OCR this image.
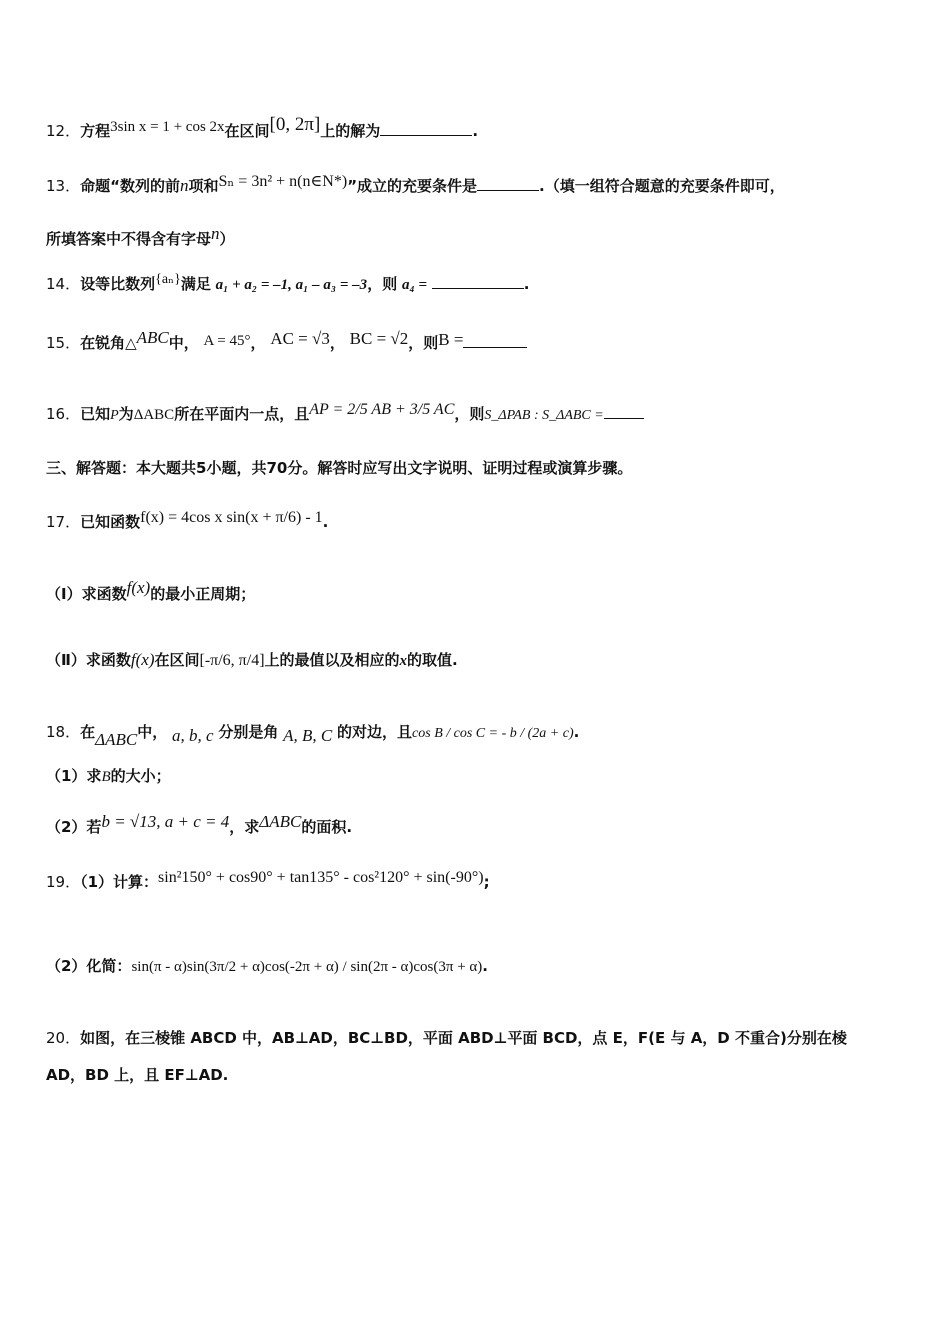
12．方程3sin x = 1 + cos 2x在区间[0, 2π]上的解为	.
13．命题“数列的前n项和Sₙ = 3n² + n(n∈N*)”成立的充要条件是	.（填一组符合题意的充要条件即可，
所填答案中不得含有字母n）
14．设等比数列{aₙ}满足 a₁ + a₂ = –1, a₁ – a₃ = –3，则 a₄ =	.
15．在锐角△ABC中， A = 45°， AC = √3， BC = √2，则B =
16．已知P为ΔABC所在平面内一点，且AP = 2/5 AB + 3/5 AC，则S_ΔPAB : S_ΔABC =
三、解答题：本大题共5小题，共70分。解答时应写出文字说明、证明过程或演算步骤。
17．已知函数f(x) = 4cos x sin(x + π/6) - 1.
（Ⅰ）求函数f(x)的最小正周期；
（Ⅱ）求函数f(x)在区间[-π/6, π/4]上的最值以及相应的x的取值.
18．在ΔABC中， a, b, c 分别是角 A, B, C 的对边，且cos B / cos C = - b / (2a + c).
（1）求B的大小；
（2）若b = √13, a + c = 4，求ΔABC的面积.
19．（1）计算：sin²150° + cos90° + tan135° - cos²120° + sin(-90°);
（2）化简：sin(π - α)sin(3π/2 + α)cos(-2π + α) / sin(2π - α)cos(3π + α).
20．如图，在三棱锥 ABCD 中，AB⊥AD，BC⊥BD，平面 ABD⊥平面 BCD，点 E，F(E 与 A，D 不重合)分别在棱
AD，BD 上，且 EF⊥AD.
